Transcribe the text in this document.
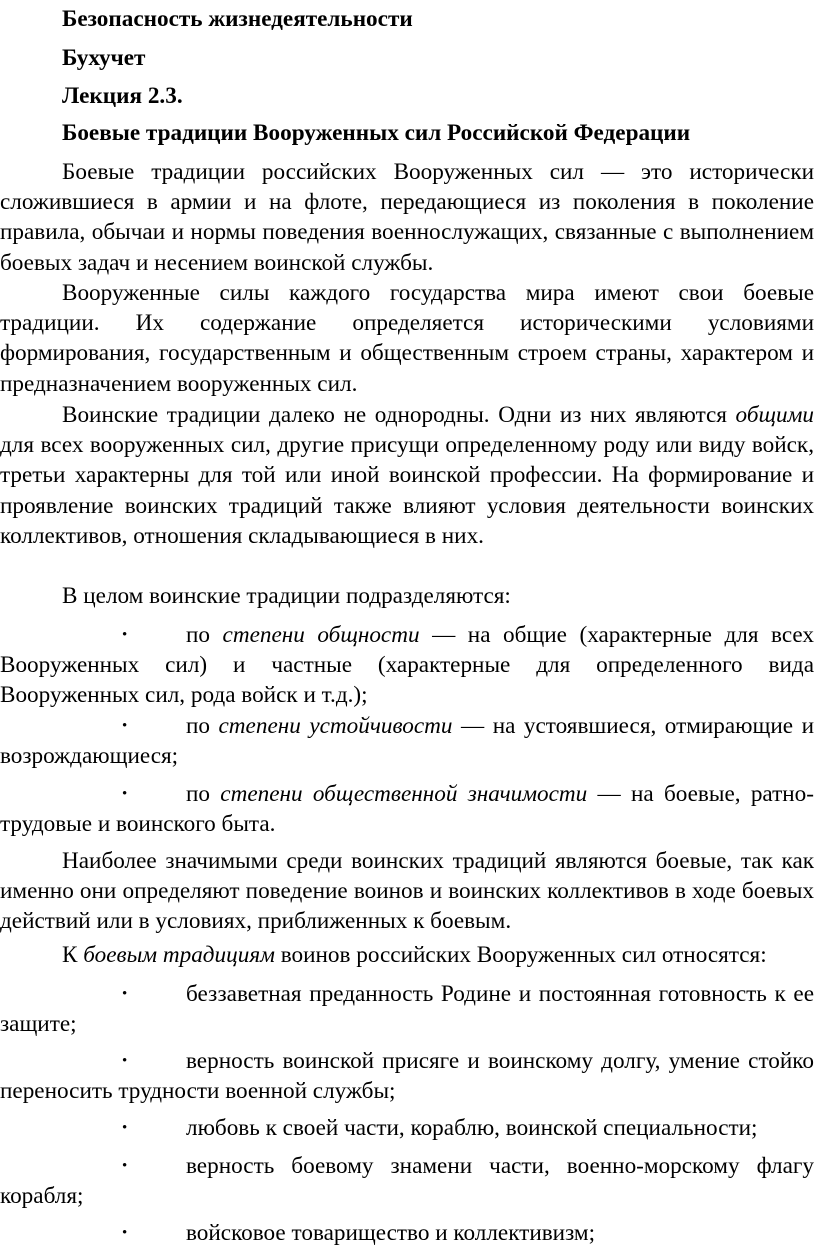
Безопасность жизнедеятельности
Бухучет
Лекция 2.3.
Боевые традиции Вооруженных сил Российской Федерации

Боевые традиции российских Вооруженных сил — это исторически сложившиеся в армии и на флоте, передающиеся из поколения в поколение правила, обычаи и нормы поведения военнослужащих, связанные с выполнением боевых задач и несением воинской службы.

Вооруженные силы каждого государства мира имеют свои боевые традиции. Их содержание определяется историческими условиями формирования, государственным и общественным строем страны, характером и предназначением вооруженных сил.

Воинские традиции далеко не однородны. Одни из них являются общими для всех вооруженных сил, другие присущи определенному роду или виду войск, третьи характерны для той или иной воинской профессии. На формирование и проявление воинских традиций также влияют условия деятельности воинских коллективов, отношения складывающиеся в них.

В целом воинские традиции подразделяются:

•	по степени общности — на общие (характерные для всех Вооруженных сил) и частные (характерные для определенного вида Вооруженных сил, рода войск и т.д.);
•	по степени устойчивости — на устоявшиеся, отмирающие и возрождающиеся;
•	по степени общественной значимости — на боевые, ратнотрудовые и воинского быта.

Наиболее значимыми среди воинских традиций являются боевые, так как именно они определяют поведение воинов и воинских коллективов в ходе боевых действий или в условиях, приближенных к боевым.

К боевым традициям воинов российских Вооруженных сил относятся:

•	беззаветная преданность Родине и постоянная готовность к ее защите;
•	верность воинской присяге и воинскому долгу, умение стойко переносить трудности военной службы;
•	любовь к своей части, кораблю, воинской специальности;
•	верность боевому знамени части, военно-морскому флагу корабля;
•	войсковое товарищество и коллективизм;
